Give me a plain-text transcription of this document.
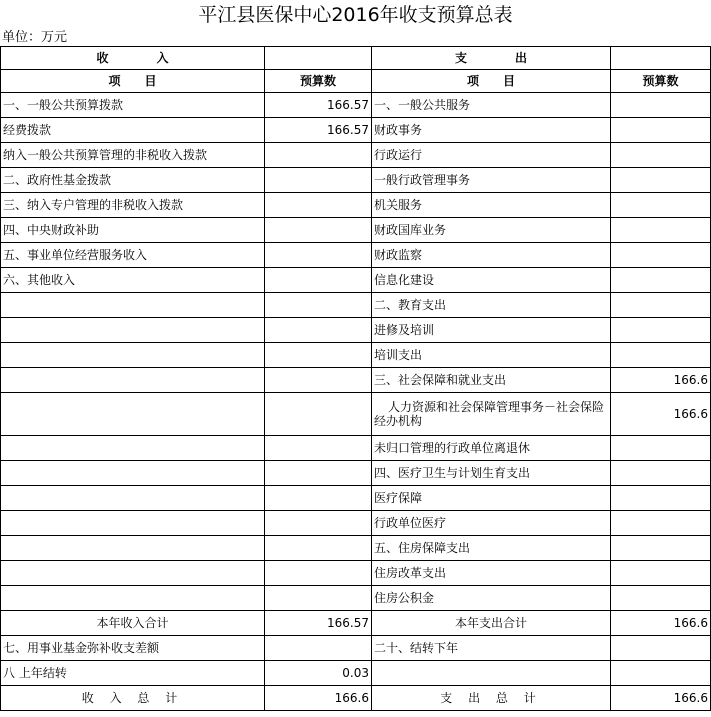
平江县医保中心2016年收支预算总表
单位：万元
收　　　　入		支　　　　出	
项　　目	预算数	项　　目	预算数
一、一般公共预算拨款	166.57	一、一般公共服务	
经费拨款	166.57	财政事务	
纳入一般公共预算管理的非税收入拨款		行政运行	
二、政府性基金拨款		一般行政管理事务	
三、纳入专户管理的非税收入拨款		机关服务	
四、中央财政补助		财政国库业务	
五、事业单位经营服务收入		财政监察	
六、其他收入		信息化建设	
		二、教育支出	
		进修及培训	
		培训支出	
		三、社会保障和就业支出	166.6
		人力资源和社会保障管理事务－社会保险经办机构	166.6
		未归口管理的行政单位离退休	
		四、医疗卫生与计划生育支出	
		医疗保障	
		行政单位医疗	
		五、住房保障支出	
		住房改革支出	
		住房公积金	
本年收入合计	166.57	本年支出合计	166.6
七、用事业基金弥补收支差额		二十、结转下年	
八 上年结转	0.03		
收 入 总 计	166.6	支 出 总 计	166.6
